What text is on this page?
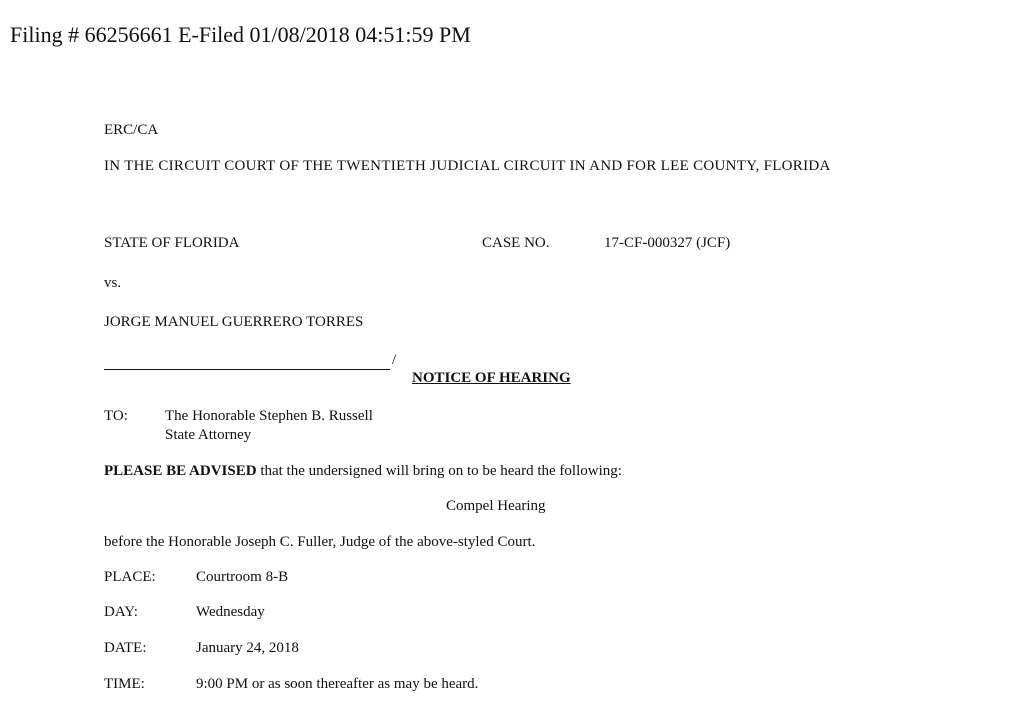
Filing # 66256661 E-Filed 01/08/2018 04:51:59 PM
ERC/CA
IN THE CIRCUIT COURT OF THE TWENTIETH JUDICIAL CIRCUIT IN AND FOR LEE COUNTY, FLORIDA
STATE OF FLORIDA	CASE NO.	17-CF-000327 (JCF)
vs.
JORGE MANUEL GUERRERO TORRES
/
NOTICE OF HEARING
TO: The Honorable Stephen B. Russell
State Attorney
PLEASE BE ADVISED that the undersigned will bring on to be heard the following:
Compel Hearing
before the Honorable Joseph C. Fuller, Judge of the above-styled Court.
PLACE:	Courtroom 8-B
DAY:	Wednesday
DATE:	January 24, 2018
TIME:	9:00 PM or as soon thereafter as may be heard.
